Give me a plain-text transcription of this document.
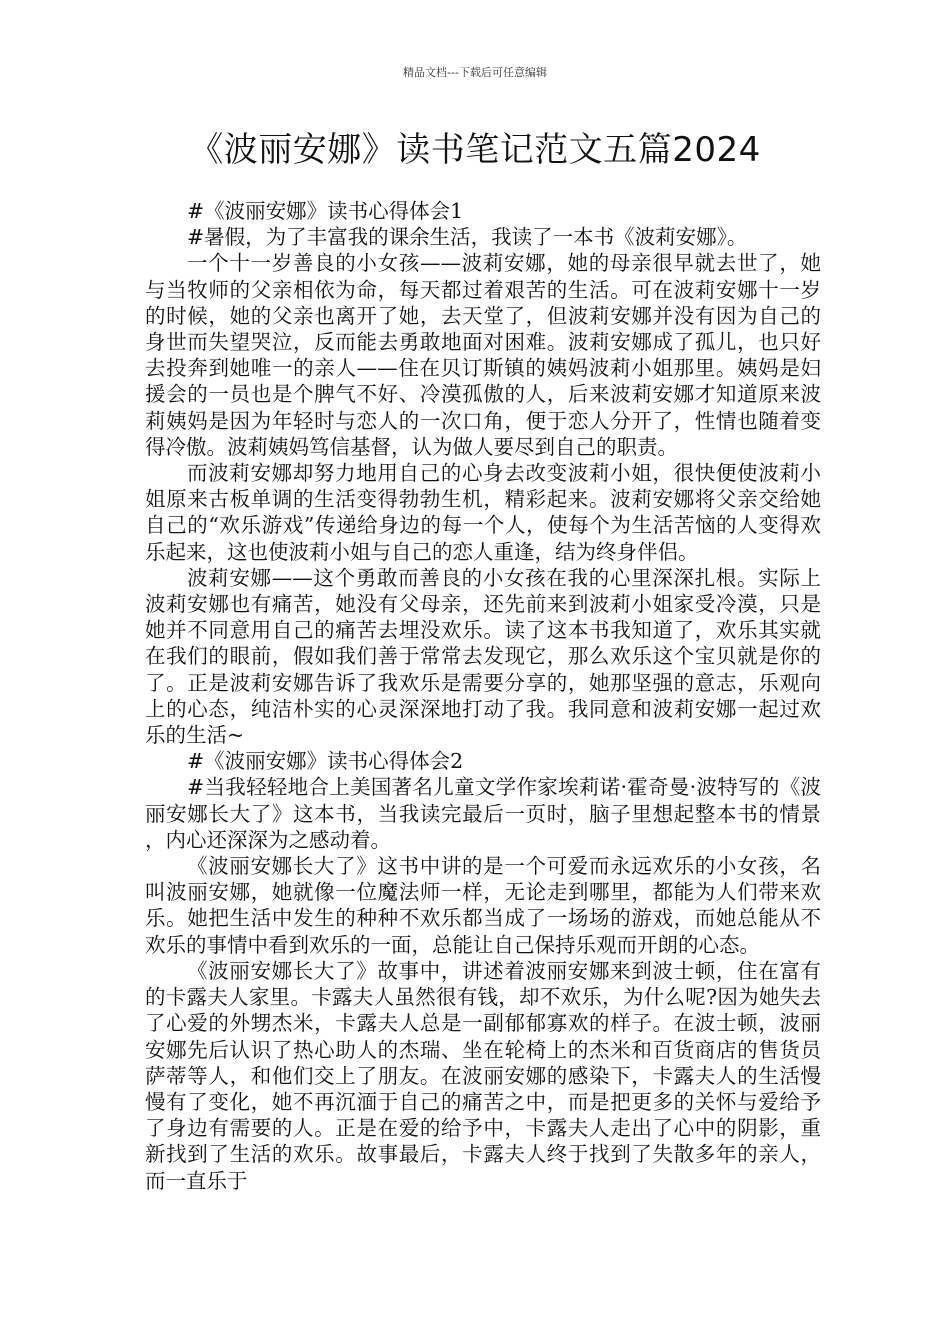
精品文档---下载后可任意编辑
《波丽安娜》读书笔记范文五篇2024

#《波丽安娜》读书心得体会1

#暑假，为了丰富我的课余生活，我读了一本书《波莉安娜》。

一个十一岁善良的小女孩——波莉安娜，她的母亲很早就去世了，她与当牧师的父亲相依为命，每天都过着艰苦的生活。可在波莉安娜十一岁的时候，她的父亲也离开了她，去天堂了，但波莉安娜并没有因为自己的身世而失望哭泣，反而能去勇敢地面对困难。波莉安娜成了孤儿，也只好去投奔到她唯一的亲人——住在贝订斯镇的姨妈波莉小姐那里。姨妈是妇援会的一员也是个脾气不好、冷漠孤傲的人，后来波莉安娜才知道原来波莉姨妈是因为年轻时与恋人的一次口角，便于恋人分开了，性情也随着变得冷傲。波莉姨妈笃信基督，认为做人要尽到自己的职责。

而波莉安娜却努力地用自己的心身去改变波莉小姐，很快便使波莉小姐原来古板单调的生活变得勃勃生机，精彩起来。波莉安娜将父亲交给她自己的“欢乐游戏”传递给身边的每一个人，使每个为生活苦恼的人变得欢乐起来，这也使波莉小姐与自己的恋人重逢，结为终身伴侣。

波莉安娜——这个勇敢而善良的小女孩在我的心里深深扎根。实际上波莉安娜也有痛苦，她没有父母亲，还先前来到波莉小姐家受冷漠，只是她并不同意用自己的痛苦去埋没欢乐。读了这本书我知道了，欢乐其实就在我们的眼前，假如我们善于常常去发现它，那么欢乐这个宝贝就是你的了。正是波莉安娜告诉了我欢乐是需要分享的，她那坚强的意志，乐观向上的心态，纯洁朴实的心灵深深地打动了我。我同意和波莉安娜一起过欢乐的生活~

#《波丽安娜》读书心得体会2

#当我轻轻地合上美国著名儿童文学作家埃莉诺·霍奇曼·波特写的《波丽安娜长大了》这本书，当我读完最后一页时，脑子里想起整本书的情景，内心还深深为之感动着。

《波丽安娜长大了》这书中讲的是一个可爱而永远欢乐的小女孩，名叫波丽安娜，她就像一位魔法师一样，无论走到哪里，都能为人们带来欢乐。她把生活中发生的种种不欢乐都当成了一场场的游戏，而她总能从不欢乐的事情中看到欢乐的一面，总能让自己保持乐观而开朗的心态。

《波丽安娜长大了》故事中，讲述着波丽安娜来到波士顿，住在富有的卡露夫人家里。卡露夫人虽然很有钱，却不欢乐，为什么呢?因为她失去了心爱的外甥杰米，卡露夫人总是一副郁郁寡欢的样子。在波士顿，波丽安娜先后认识了热心助人的杰瑞、坐在轮椅上的杰米和百货商店的售货员萨蒂等人，和他们交上了朋友。在波丽安娜的感染下，卡露夫人的生活慢慢有了变化，她不再沉湎于自己的痛苦之中，而是把更多的关怀与爱给予了身边有需要的人。正是在爱的给予中，卡露夫人走出了心中的阴影，重新找到了生活的欢乐。故事最后，卡露夫人终于找到了失散多年的亲人，而一直乐于
